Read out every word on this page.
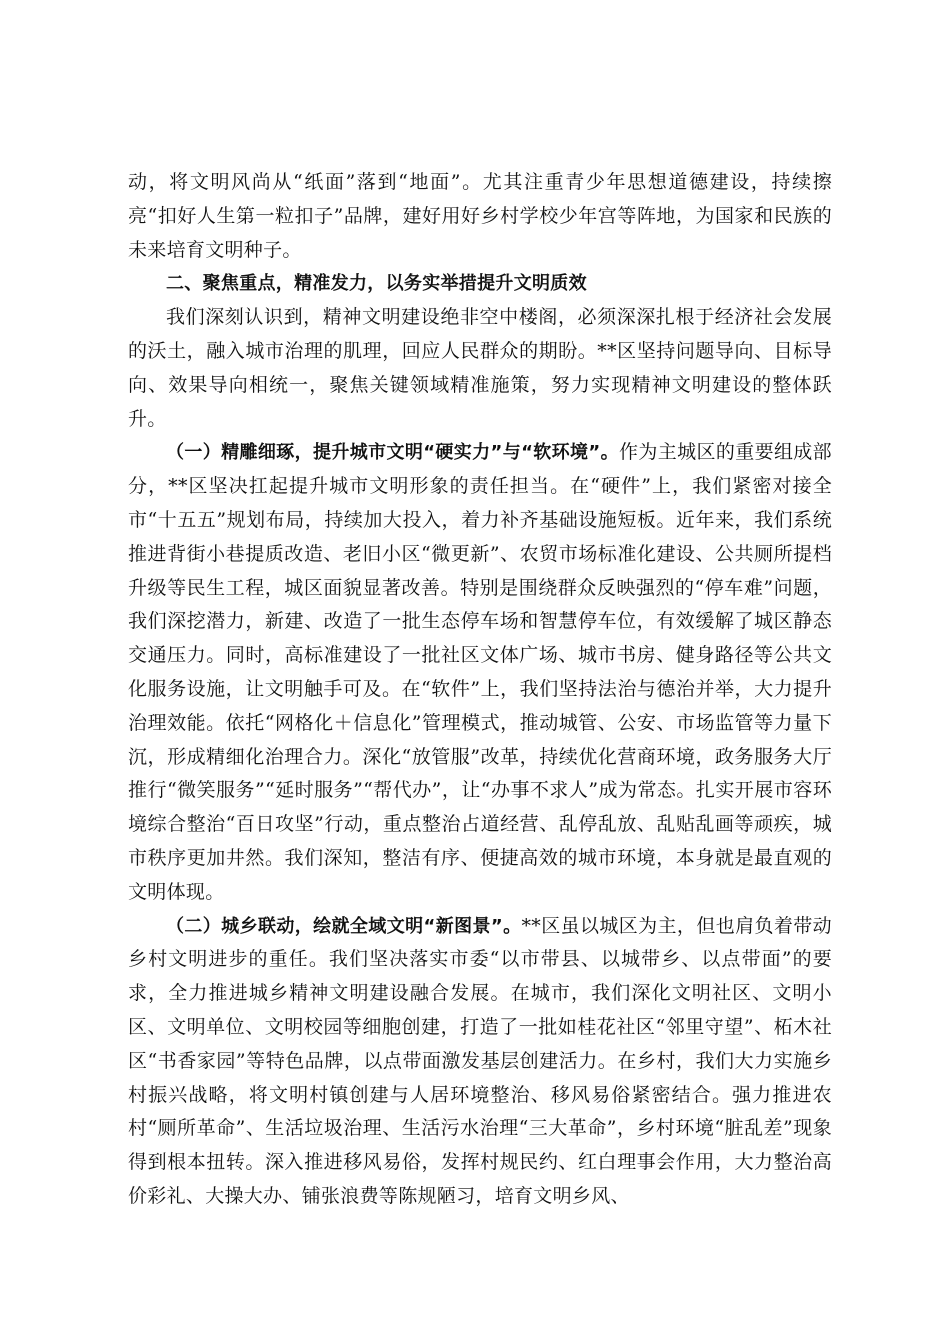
动，将文明风尚从“纸面”落到“地面”。尤其注重青少年思想道德建设，持续擦亮“扣好人生第一粒扣子”品牌，建好用好乡村学校少年宫等阵地，为国家和民族的未来培育文明种子。

二、聚焦重点，精准发力，以务实举措提升文明质效

我们深刻认识到，精神文明建设绝非空中楼阁，必须深深扎根于经济社会发展的沃土，融入城市治理的肌理，回应人民群众的期盼。**区坚持问题导向、目标导向、效果导向相统一，聚焦关键领域精准施策，努力实现精神文明建设的整体跃升。

（一）精雕细琢，提升城市文明“硬实力”与“软环境”。作为主城区的重要组成部分，**区坚决扛起提升城市文明形象的责任担当。在“硬件”上，我们紧密对接全市“十五五”规划布局，持续加大投入，着力补齐基础设施短板。近年来，我们系统推进背街小巷提质改造、老旧小区“微更新”、农贸市场标准化建设、公共厕所提档升级等民生工程，城区面貌显著改善。特别是围绕群众反映强烈的“停车难”问题，我们深挖潜力，新建、改造了一批生态停车场和智慧停车位，有效缓解了城区静态交通压力。同时，高标准建设了一批社区文体广场、城市书房、健身路径等公共文化服务设施，让文明触手可及。在“软件”上，我们坚持法治与德治并举，大力提升治理效能。依托“网格化＋信息化”管理模式，推动城管、公安、市场监管等力量下沉，形成精细化治理合力。深化“放管服”改革，持续优化营商环境，政务服务大厅推行“微笑服务”“延时服务”“帮代办”，让“办事不求人”成为常态。扎实开展市容环境综合整治“百日攻坚”行动，重点整治占道经营、乱停乱放、乱贴乱画等顽疾，城市秩序更加井然。我们深知，整洁有序、便捷高效的城市环境，本身就是最直观的文明体现。

（二）城乡联动，绘就全域文明“新图景”。**区虽以城区为主，但也肩负着带动乡村文明进步的重任。我们坚决落实市委“以市带县、以城带乡、以点带面”的要求，全力推进城乡精神文明建设融合发展。在城市，我们深化文明社区、文明小区、文明单位、文明校园等细胞创建，打造了一批如桂花社区“邻里守望”、柘木社区“书香家园”等特色品牌，以点带面激发基层创建活力。在乡村，我们大力实施乡村振兴战略，将文明村镇创建与人居环境整治、移风易俗紧密结合。强力推进农村“厕所革命”、生活垃圾治理、生活污水治理“三大革命”，乡村环境“脏乱差”现象得到根本扭转。深入推进移风易俗，发挥村规民约、红白理事会作用，大力整治高价彩礼、大操大办、铺张浪费等陈规陋习，培育文明乡风、
